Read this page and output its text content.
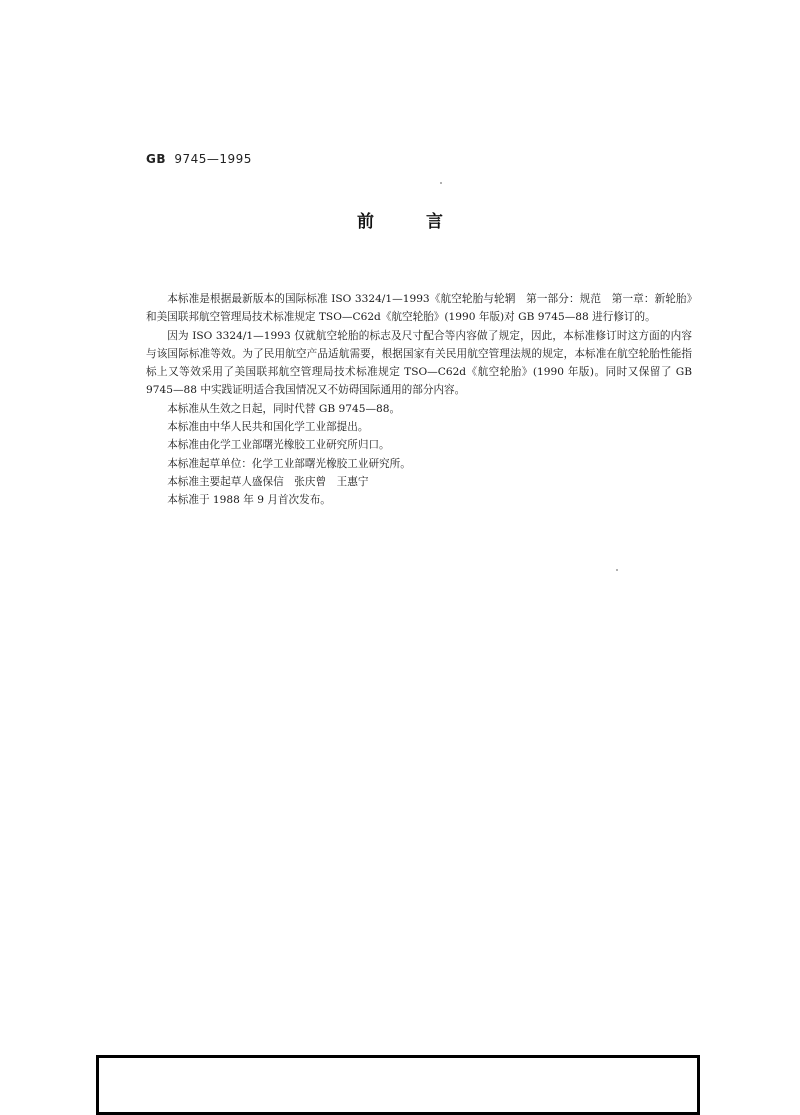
GB 9745—1995
前言

本标准是根据最新版本的国际标准 ISO 3324/1—1993《航空轮胎与轮辋　第一部分：规范　第一章：新轮胎》和美国联邦航空管理局技术标准规定 TSO—C62d《航空轮胎》(1990 年版)对 GB 9745—88 进行修订的。

因为 ISO 3324/1—1993 仅就航空轮胎的标志及尺寸配合等内容做了规定，因此，本标准修订时这方面的内容与该国际标准等效。为了民用航空产品适航需要，根据国家有关民用航空管理法规的规定，本标准在航空轮胎性能指标上又等效采用了美国联邦航空管理局技术标准规定 TSO—C62d《航空轮胎》(1990 年版)。同时又保留了 GB 9745—88 中实践证明适合我国情况又不妨碍国际通用的部分内容。

本标准从生效之日起，同时代替 GB 9745—88。

本标准由中华人民共和国化学工业部提出。

本标准由化学工业部曙光橡胶工业研究所归口。

本标准起草单位：化学工业部曙光橡胶工业研究所。

本标准主要起草人盛保信　张庆曾　王惠宁

本标准于 1988 年 9 月首次发布。
